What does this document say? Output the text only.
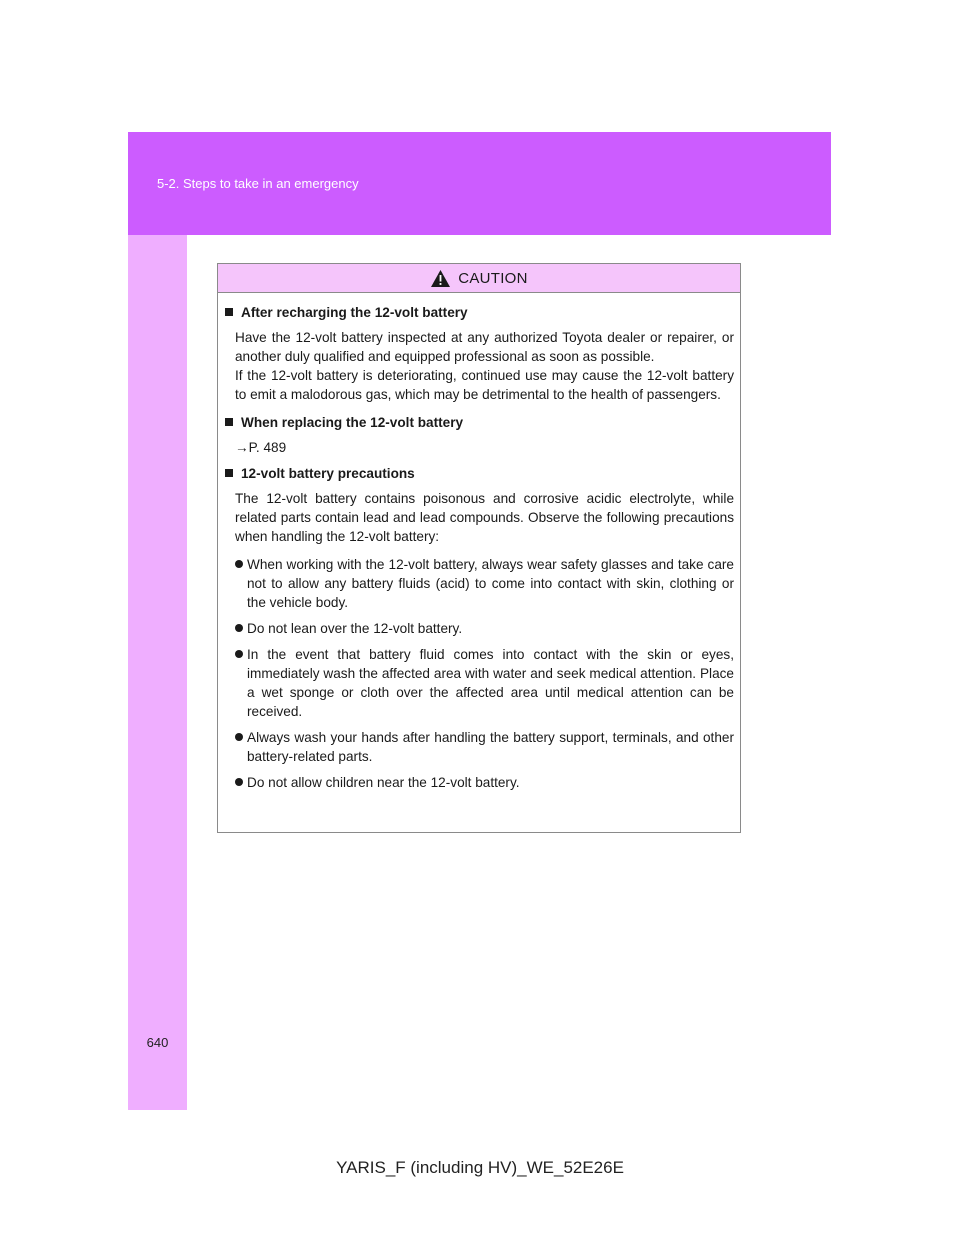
5-2. Steps to take in an emergency
CAUTION
After recharging the 12-volt battery
Have the 12-volt battery inspected at any authorized Toyota dealer or repairer, or another duly qualified and equipped professional as soon as possible.
If the 12-volt battery is deteriorating, continued use may cause the 12-volt battery to emit a malodorous gas, which may be detrimental to the health of passengers.
When replacing the 12-volt battery
→P. 489
12-volt battery precautions
The 12-volt battery contains poisonous and corrosive acidic electrolyte, while related parts contain lead and lead compounds. Observe the following precautions when handling the 12-volt battery:
When working with the 12-volt battery, always wear safety glasses and take care not to allow any battery fluids (acid) to come into contact with skin, clothing or the vehicle body.
Do not lean over the 12-volt battery.
In the event that battery fluid comes into contact with the skin or eyes, immediately wash the affected area with water and seek medical attention. Place a wet sponge or cloth over the affected area until medical attention can be received.
Always wash your hands after handling the battery support, terminals, and other battery-related parts.
Do not allow children near the 12-volt battery.
640
YARIS_F (including HV)_WE_52E26E
